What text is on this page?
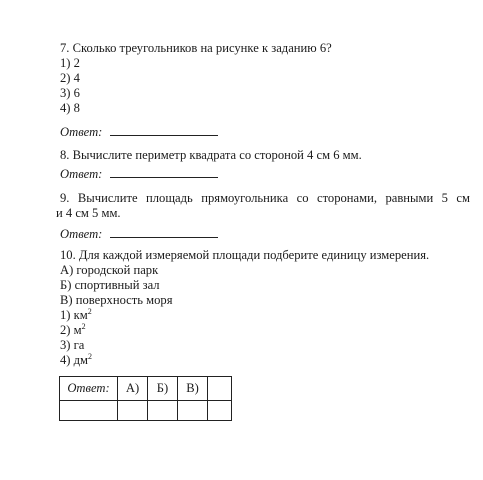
7. Сколько треугольников на рисунке к заданию 6?
1) 2
2) 4
3) 6
4) 8
Ответ:
8. Вычислите периметр квадрата со стороной 4 см 6 мм.
Ответ:
9. Вычислите площадь прямоугольника со сторонами, равными 5 см
и 4 см 5 мм.
Ответ:
10. Для каждой измеряемой площади подберите единицу измерения.
А) городской парк
Б) спортивный зал
В) поверхность моря
1) $км^2$
2) $м^2$
3) га
4) $дм^2$
Ответ:	А)	Б)	В)	
